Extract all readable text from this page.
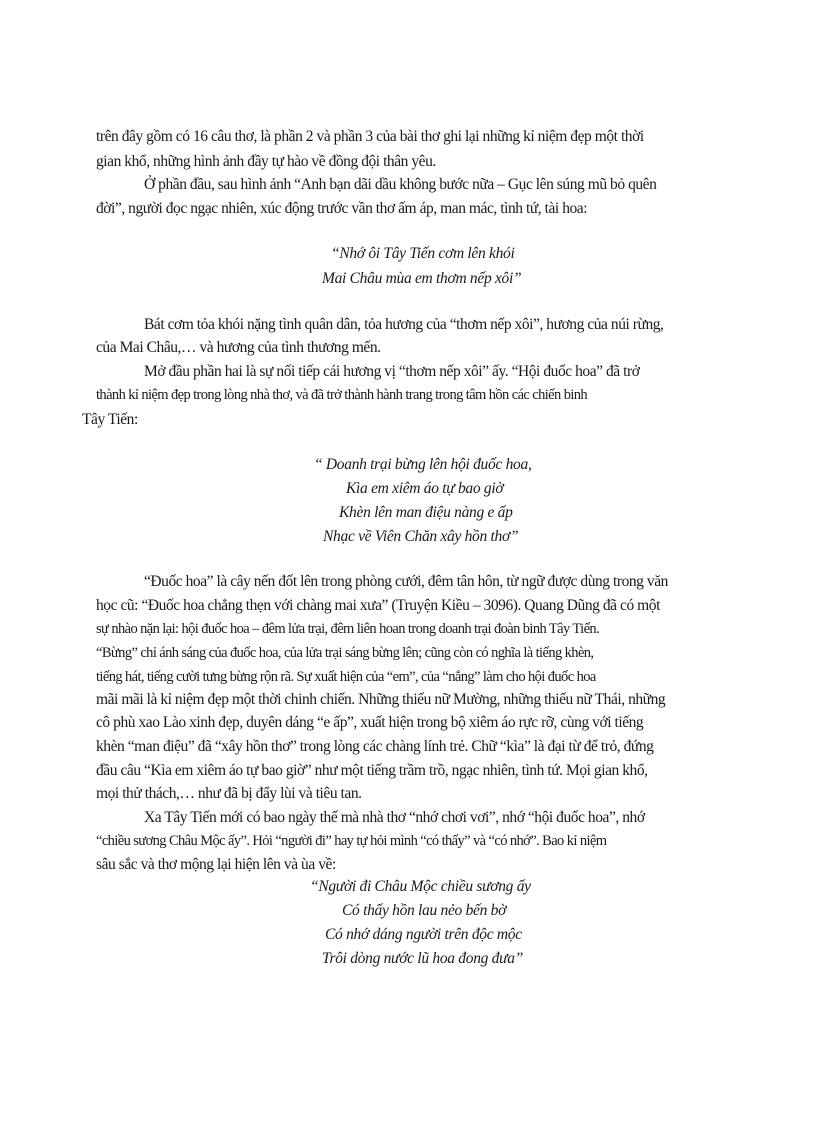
trên đây gồm có 16 câu thơ, là phần 2 và phần 3 của bài thơ ghi lại những kỉ niệm đẹp một thời
gian khổ, những hình ảnh đầy tự hào về đồng đội thân yêu.
Ở phần đầu, sau hình ảnh “Anh bạn dãi dầu không bước nữa – Gục lên súng mũ bỏ quên
đời”, người đọc ngạc nhiên, xúc động trước vần thơ ấm áp, man mác, tình tứ, tài hoa:
“Nhớ ôi Tây Tiến cơm lên khói
Mai Châu mùa em thơm nếp xôi”
Bát cơm tỏa khói nặng tình quân dân, tỏa hương của “thơm nếp xôi”, hương của núi rừng,
của Mai Châu,… và hương của tình thương mến.
Mở đầu phần hai là sự nối tiếp cái hương vị “thơm nếp xôi” ấy. “Hội đuốc hoa” đã trở
thành kỉ niệm đẹp trong lòng nhà thơ, và đã trở thành hành trang trong tâm hồn các chiến binh
Tây Tiến:
“ Doanh trại bừng lên hội đuốc hoa,
Kìa em xiêm áo tự bao giờ
Khèn lên man điệu nàng e ấp
Nhạc về Viên Chăn xây hồn thơ”
“Đuốc hoa” là cây nến đốt lên trong phòng cưới, đêm tân hôn, từ ngữ được dùng trong văn
học cũ: “Đuốc hoa chẳng thẹn với chàng mai xưa” (Truyện Kiều – 3096). Quang Dũng đã có một
sự nhào nặn lại: hội đuốc hoa – đêm lửa trại, đêm liên hoan trong doanh trại đoàn binh Tây Tiến.
“Bừng” chỉ ánh sáng của đuốc hoa, của lửa trại sáng bừng lên; cũng còn có nghĩa là tiếng khèn,
tiếng hát, tiếng cười tưng bừng rộn rã. Sự xuất hiện của “em”, của “nắng” làm cho hội đuốc hoa
mãi mãi là kỉ niệm đẹp một thời chinh chiến. Những thiếu nữ Mường, những thiếu nữ Thái, những
cô phù xao Lào xinh đẹp, duyên dáng “e ấp”, xuất hiện trong bộ xiêm áo rực rỡ, cùng với tiếng
khèn “man điệu” đã “xây hồn thơ” trong lòng các chàng lính trẻ. Chữ “kìa” là đại từ để trỏ, đứng
đầu câu “Kìa em xiêm áo tự bao giờ” như một tiếng trầm trồ, ngạc nhiên, tình tứ. Mọi gian khổ,
mọi thử thách,… như đã bị đẩy lùi và tiêu tan.
Xa Tây Tiến mới có bao ngày thế mà nhà thơ “nhớ chơi vơi”, nhớ “hội đuốc hoa”, nhớ
“chiều sương Châu Mộc ấy”. Hỏi “người đi” hay tự hỏi mình “có thấy” và “có nhớ”. Bao kỉ niệm
sâu sắc và thơ mộng lại hiện lên và ùa về:
“Người đi Châu Mộc chiều sương ấy
Có thấy hồn lau nẻo bến bờ
Có nhớ dáng người trên độc mộc
Trôi dòng nước lũ hoa đong đưa”
